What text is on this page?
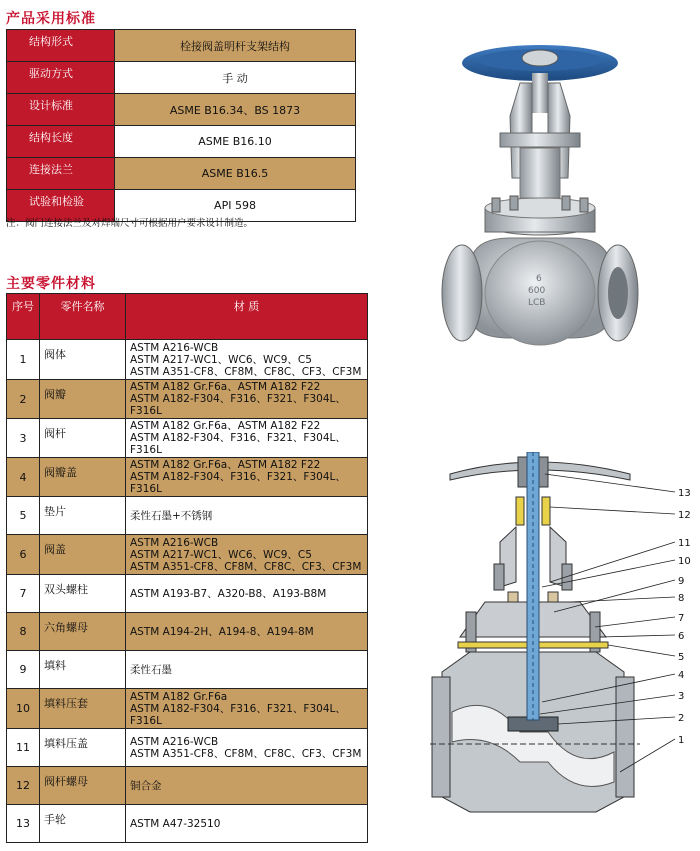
产品采用标准
结构形式	栓接阀盖明杆支架结构
驱动方式	手 动
设计标准	ASME B16.34、BS 1873
结构长度	ASME B16.10
连接法兰	ASME B16.5
试验和检验	API 598
注：阀门连接法兰及对焊端尺寸可根据用户要求设计制造。
主要零件材料
序号	零件名称	材 质
1	阀体	ASTM A216-WCB
ASTM A217-WC1、WC6、WC9、C5
ASTM A351-CF8、CF8M、CF8C、CF3、CF3M

2	阀瓣	ASTM A182 Gr.F6a、ASTM A182 F22
ASTM A182-F304、F316、F321、F304L、F316L

3	阀杆	ASTM A182 Gr.F6a、ASTM A182 F22
ASTM A182-F304、F316、F321、F304L、F316L

4	阀瓣盖	ASTM A182 Gr.F6a、ASTM A182 F22
ASTM A182-F304、F316、F321、F304L、F316L

5	垫片	柔性石墨+不锈钢

6	阀盖	ASTM A216-WCB
ASTM A217-WC1、WC6、WC9、C5
ASTM A351-CF8、CF8M、CF8C、CF3、CF3M

7	双头螺柱	ASTM A193-B7、A320-B8、A193-B8M

8	六角螺母	ASTM A194-2H、A194-8、A194-8M

9	填料	柔性石墨

10	填料压套	ASTM A182 Gr.F6a
ASTM A182-F304、F316、F321、F304L、F316L

11	填料压盖	ASTM A216-WCB
ASTM A351-CF8、CF8M、CF8C、CF3、CF3M

12	阀杆螺母	铜合金

13	手轮	ASTM A47-32510
6
600
LCB
13
12
11
10
9
8
7
6
5
4
3
2
1
